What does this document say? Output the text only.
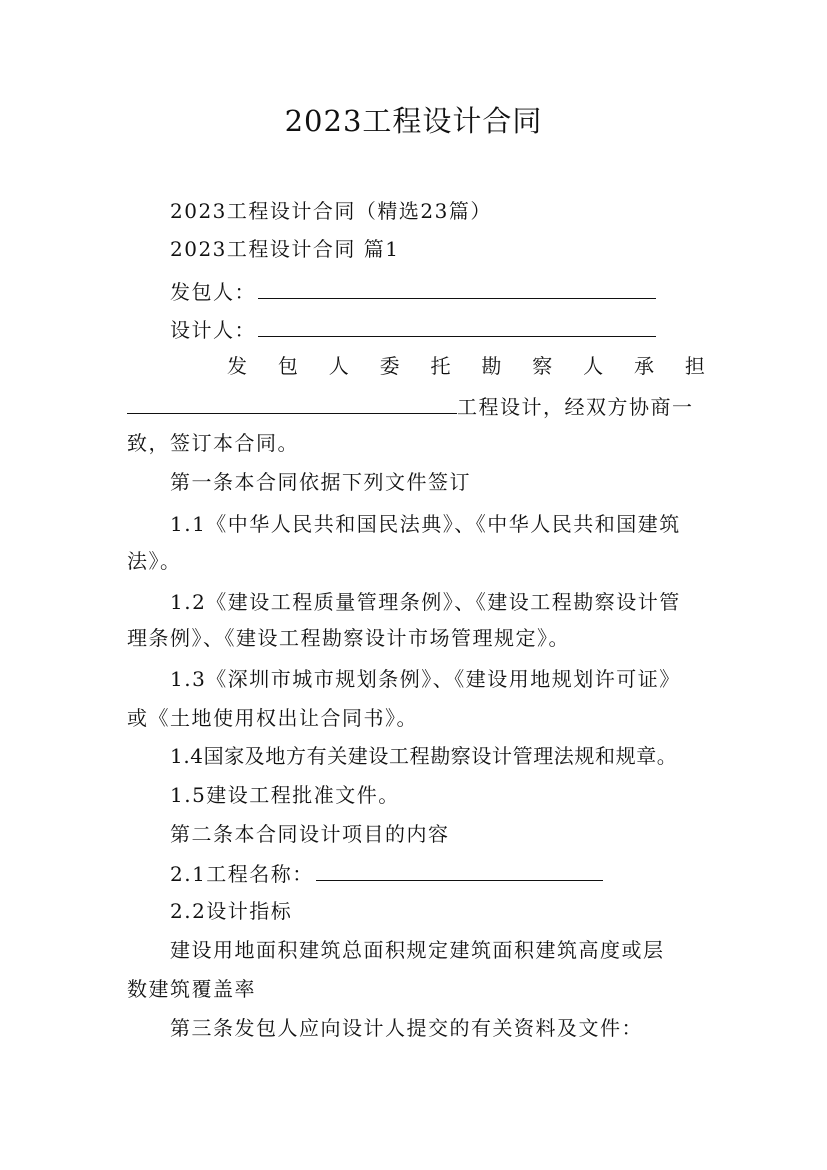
2023工程设计合同
2023工程设计合同（精选23篇）
2023工程设计合同 篇1
发包人：
设计人：
发 包 人 委 托 勘 察 人 承 担
工程设计，经双方协商一
致，签订本合同。
第一条本合同依据下列文件签订
1.1《中华人民共和国民法典》、《中华人民共和国建筑
法》。
1.2《建设工程质量管理条例》、《建设工程勘察设计管
理条例》、《建设工程勘察设计市场管理规定》。
1.3《深圳市城市规划条例》、《建设用地规划许可证》
或《土地使用权出让合同书》。
1.4国家及地方有关建设工程勘察设计管理法规和规章。
1.5建设工程批准文件。
第二条本合同设计项目的内容
2.1工程名称：
2.2设计指标
建设用地面积建筑总面积规定建筑面积建筑高度或层
数建筑覆盖率
第三条发包人应向设计人提交的有关资料及文件：
